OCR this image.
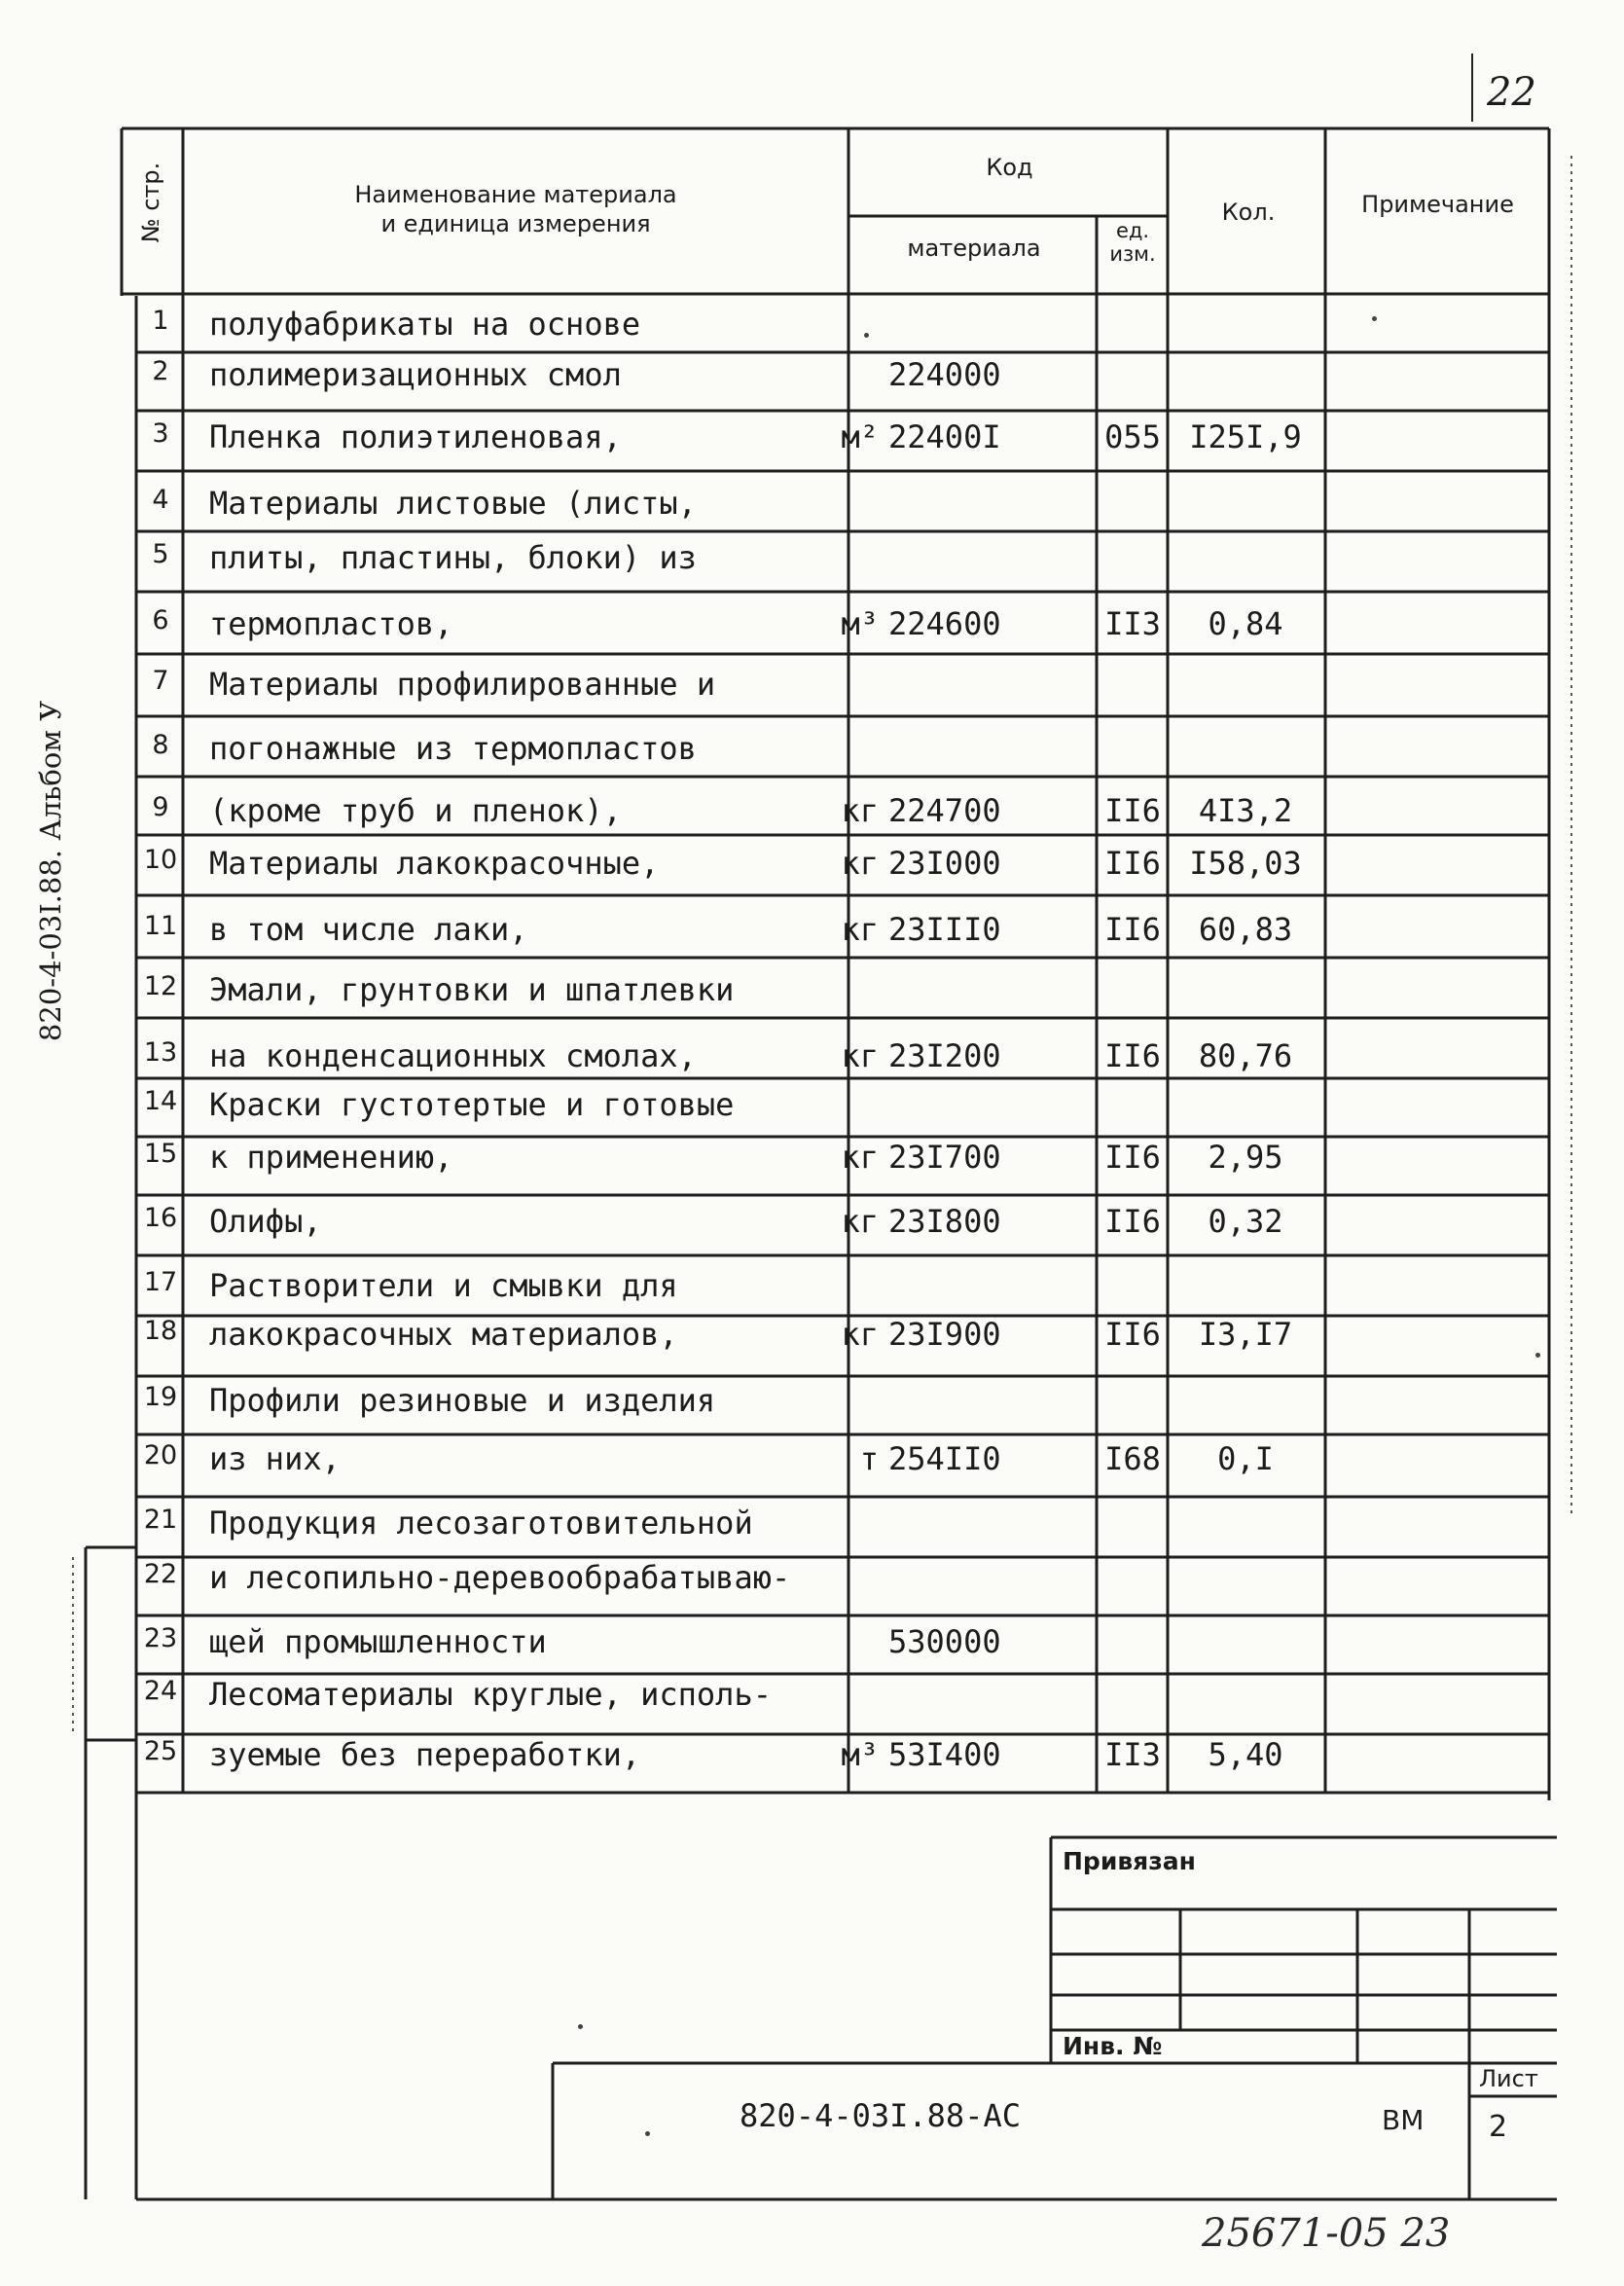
22
820-4-03I.88. Альбом У
№ стр.	Наименование материала
и единица измерения
Код
материала
ед. изм.
Кол.	Примечание
1	полуфабрикаты на основе
2	полимеризационных смол	224000
3	Пленка полиэтиленовая,	м² 22400I	055 I25I,9
4	Материалы листовые (листы,
5	плиты, пластины, блоки) из
6	термопластов,	м³ 224600	II3	0,84
7	Материалы профилированные и
8	погонажные из термопластов
9	(кроме труб и пленок),	кг 224700	II6	4I3,2
10 Материалы лакокрасочные,	кг 23I000	II6 I58,03
11 в том числе лаки,	кг 23III0	II6	60,83
12 Эмали, грунтовки и шпатлевки
13 на конденсационных смолах,	кг 23I200	II6	80,76
14 Краски густотертые и готовые
15 к применению,	кг 23I700	II6	2,95
16 Олифы,	кг 23I800	II6	0,32
17 Растворители и смывки для
18 лакокрасочных материалов,	кг 23I900	II6	I3,I7
19 Профили резиновые и изделия
20 из них,	т 254II0	I68	0,I
21 Продукция лесозаготовительной
22 и лесопильно-деревообрабатываю-
23 щей промышленности	530000
24 Лесоматериалы круглые, исполь-
25 зуемые без переработки,	м³ 53I400	II3	5,40
Привязан
Инв. №
820-4-03I.88-АС	ВМ
Лист
2
25671-05 23
